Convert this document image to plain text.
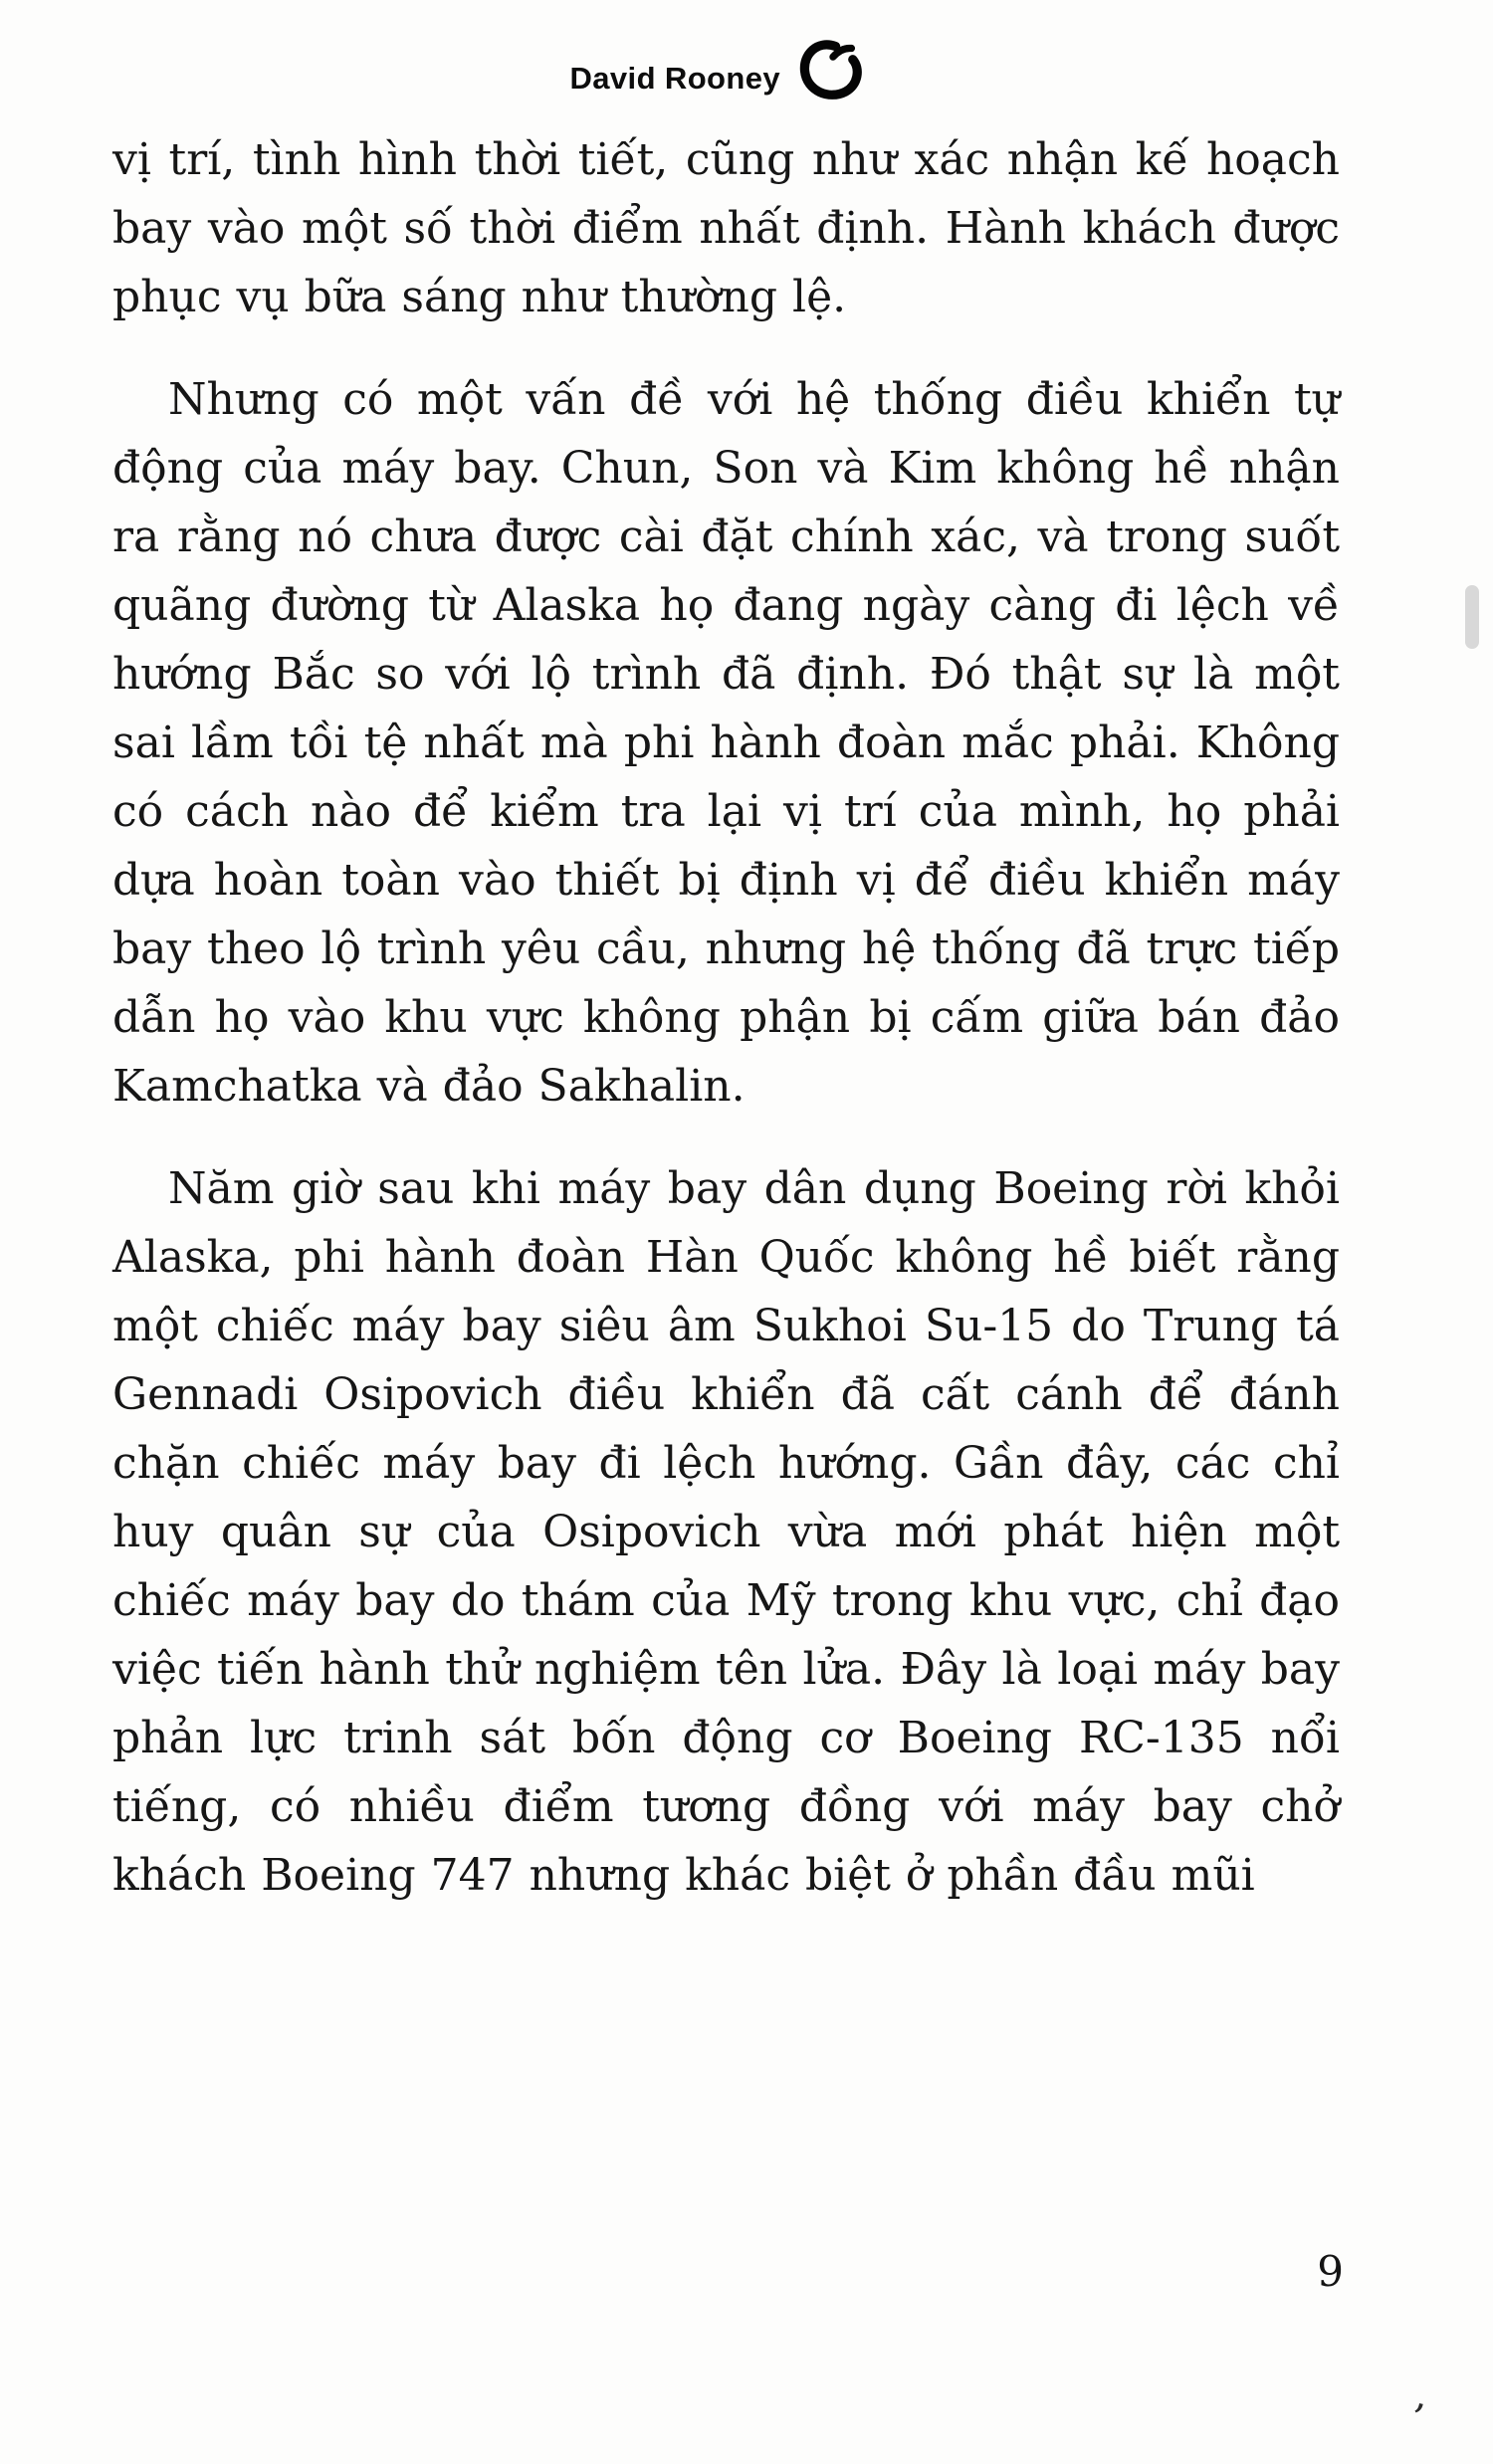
David Rooney

vị trí, tình hình thời tiết, cũng như xác nhận kế hoạch bay vào một số thời điểm nhất định. Hành khách được phục vụ bữa sáng như thường lệ.

Nhưng có một vấn đề với hệ thống điều khiển tự động của máy bay. Chun, Son và Kim không hề nhận ra rằng nó chưa được cài đặt chính xác, và trong suốt quãng đường từ Alaska họ đang ngày càng đi lệch về hướng Bắc so với lộ trình đã định. Đó thật sự là một sai lầm tồi tệ nhất mà phi hành đoàn mắc phải. Không có cách nào để kiểm tra lại vị trí của mình, họ phải dựa hoàn toàn vào thiết bị định vị để điều khiển máy bay theo lộ trình yêu cầu, nhưng hệ thống đã trực tiếp dẫn họ vào khu vực không phận bị cấm giữa bán đảo Kamchatka và đảo Sakhalin.

Năm giờ sau khi máy bay dân dụng Boeing rời khỏi Alaska, phi hành đoàn Hàn Quốc không hề biết rằng một chiếc máy bay siêu âm Sukhoi Su-15 do Trung tá Gennadi Osipovich điều khiển đã cất cánh để đánh chặn chiếc máy bay đi lệch hướng. Gần đây, các chỉ huy quân sự của Osipovich vừa mới phát hiện một chiếc máy bay do thám của Mỹ trong khu vực, chỉ đạo việc tiến hành thử nghiệm tên lửa. Đây là loại máy bay phản lực trinh sát bốn động cơ Boeing RC-135 nổi tiếng, có nhiều điểm tương đồng với máy bay chở khách Boeing 747 nhưng khác biệt ở phần đầu mũi

9
’
